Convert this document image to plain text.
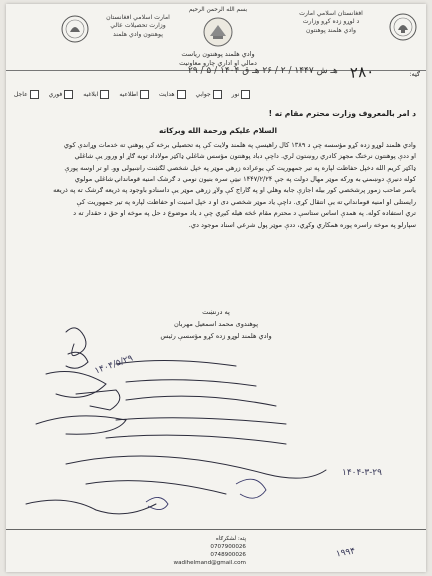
افغانستان اسلامي امارت
د لوړو زده کړو وزارت
وادي هلمند پوهنتون
بسم الله الرحمن الرحیم
وادي هلمند پوهنتون ریاست
دمالي او اداري چارو معاونیت
امارت اسلامي افغانستان
وزارت تحصیلات عالي
پوهنتون وادي هلمند
ګڼه:
۲۸۰
۲۹ / ۵ / ۱۴۰۴ هـ ش ۱۴۴۷ / ۲ / ۲۶ هـ ق
عاجل	فوري	ابلاغیه	اطلاعیه	هدایت	جوابي	نور
د امر بالمعروف وزارت محترم مقام ته !
السلام علیکم ورحمة الله وبرکاته
وادي هلمند لوړو زده کړو مؤسسه چې د ۱۳۸۹ کال راهیسې په هلمند ولایت کې په تحصیلي برخه کې پوهنې ته خدمات وړاندې کوي
او ددې پوهنتون نرخنګ مجهز کادري روښتون لري. داچې دباد پوهنتون مؤسس شاغلي ډاکټر مولاداد توبه ګاړ او ورور یې شاغلي
ډاکټر کریم الله دخپل حفاظت لپاره په تیر جمهوریت کې یوعراده زرهي موټر په خپل شخصي لګښت راښیولی وو. او تر اوسه پورې
کوله دنیرې دوښمنۍ به ورکه موټر مهال دولت په جې ۱۴۴۷/۲/۲۴ نیټې سره بنیون نومي د ګرشک امنیه قوماندانۍ شاغلي مولوي
یاسر صاحب زمور پرشخصي کور بیله اجازې جابه وهلي او په ګاراج کې ولاړ زرهي موټر یې داسنادو باوجود په ذریعه ګرشک ته په ذریعه
رایستلی او امنیه قوماندانۍ ته یې انتقال کړی. داچې یاد موټر شخصي دی او د خپل امنیت او حفاظت لپاره په تیر جمهوریت کې
تري استفاده کوله. په همدې اساس ستاسې د محترم مقام څخه هیله کیږي چې د یاد موضوع د حل په موخه او حق د حقدار ته د
سپارلو په موخه راسره پوره همکاري وکړي، ددې موټر پول شرعي اسناد موجود دي.
په درنښت
پوهندوی محمد اسمعیل مهربان
وادي هلمند لوړو زده کړو مؤسسې رئیس
۱۴۰۴/۵/۲۹
۱۴۰۴-۳-۲۹
۱۹۹۴
پته: لشکرګاه
0707900026
0748900026
wadihelmand@gmail.com
